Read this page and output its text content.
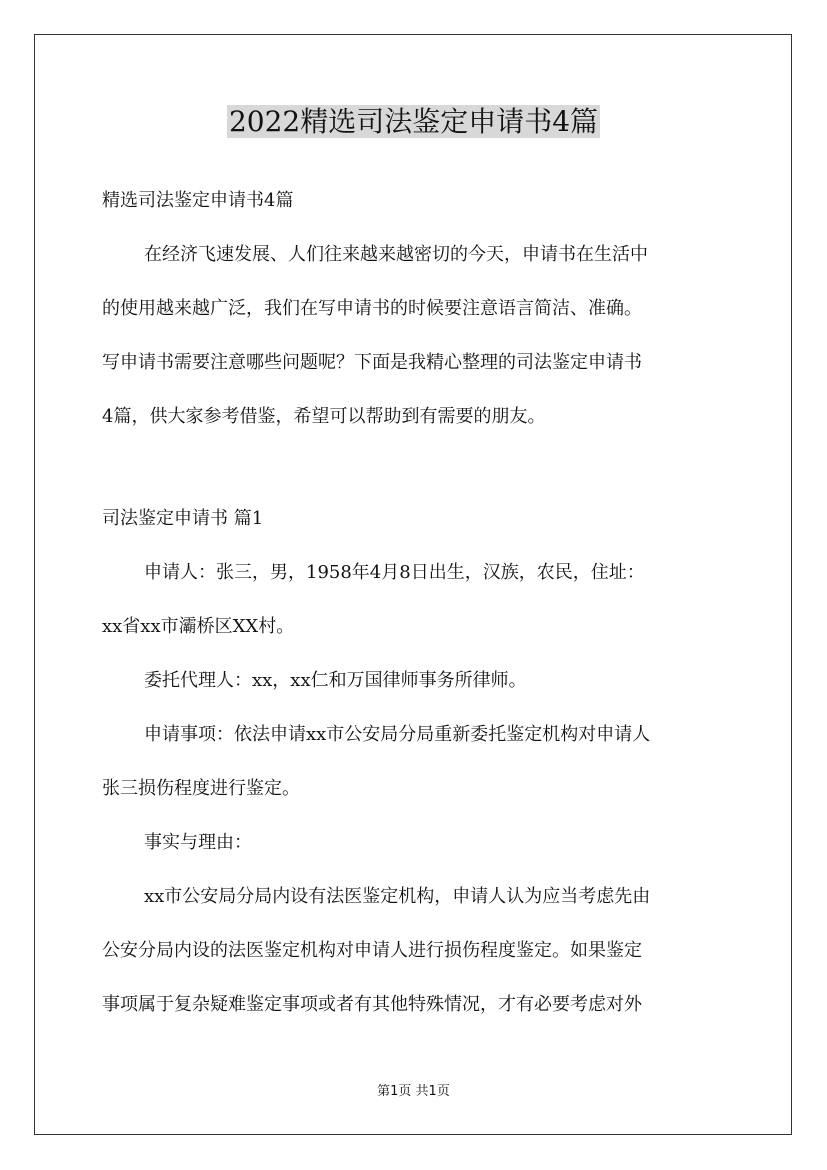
2022精选司法鉴定申请书4篇
精选司法鉴定申请书4篇
在经济飞速发展、人们往来越来越密切的今天，申请书在生活中
的使用越来越广泛，我们在写申请书的时候要注意语言简洁、准确。
写申请书需要注意哪些问题呢？下面是我精心整理的司法鉴定申请书
4篇，供大家参考借鉴，希望可以帮助到有需要的朋友。
司法鉴定申请书 篇1
申请人：张三，男，1958年4月8日出生，汉族，农民，住址：
xx省xx市灞桥区XX村。
委托代理人：xx，xx仁和万国律师事务所律师。
申请事项：依法申请xx市公安局分局重新委托鉴定机构对申请人
张三损伤程度进行鉴定。
事实与理由：
xx市公安局分局内设有法医鉴定机构，申请人认为应当考虑先由
公安分局内设的法医鉴定机构对申请人进行损伤程度鉴定。如果鉴定
事项属于复杂疑难鉴定事项或者有其他特殊情况，才有必要考虑对外
第1页 共1页
